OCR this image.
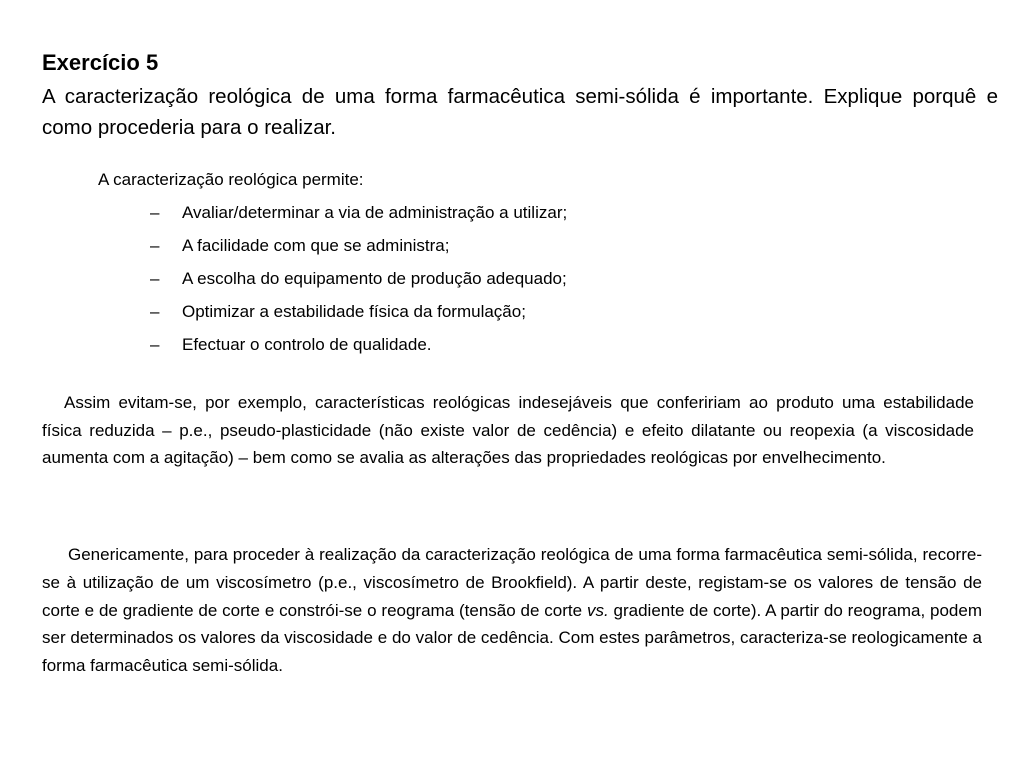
Exercício 5

A caracterização reológica de uma forma farmacêutica semi-sólida é importante. Explique porquê e como procederia para o realizar.

A caracterização reológica permite:

–	Avaliar/determinar a via de administração a utilizar;
–	A facilidade com que se administra;
–	A escolha do equipamento de produção adequado;
–	Optimizar a estabilidade física da formulação;
–	Efectuar o controlo de qualidade.

Assim evitam-se, por exemplo, características reológicas indesejáveis que confeririam ao produto uma estabilidade física reduzida – p.e., pseudo-plasticidade (não existe valor de cedência) e efeito dilatante ou reopexia (a viscosidade aumenta com a agitação) – bem como se avalia as alterações das propriedades reológicas por envelhecimento.

Genericamente, para proceder à realização da caracterização reológica de uma forma farmacêutica semi-sólida, recorre-se à utilização de um viscosímetro (p.e., viscosímetro de Brookfield). A partir deste, registam-se os valores de tensão de corte e de gradiente de corte e constrói-se o reograma (tensão de corte vs. gradiente de corte). A partir do reograma, podem ser determinados os valores da viscosidade e do valor de cedência. Com estes parâmetros, caracteriza-se reologicamente a forma farmacêutica semi-sólida.
